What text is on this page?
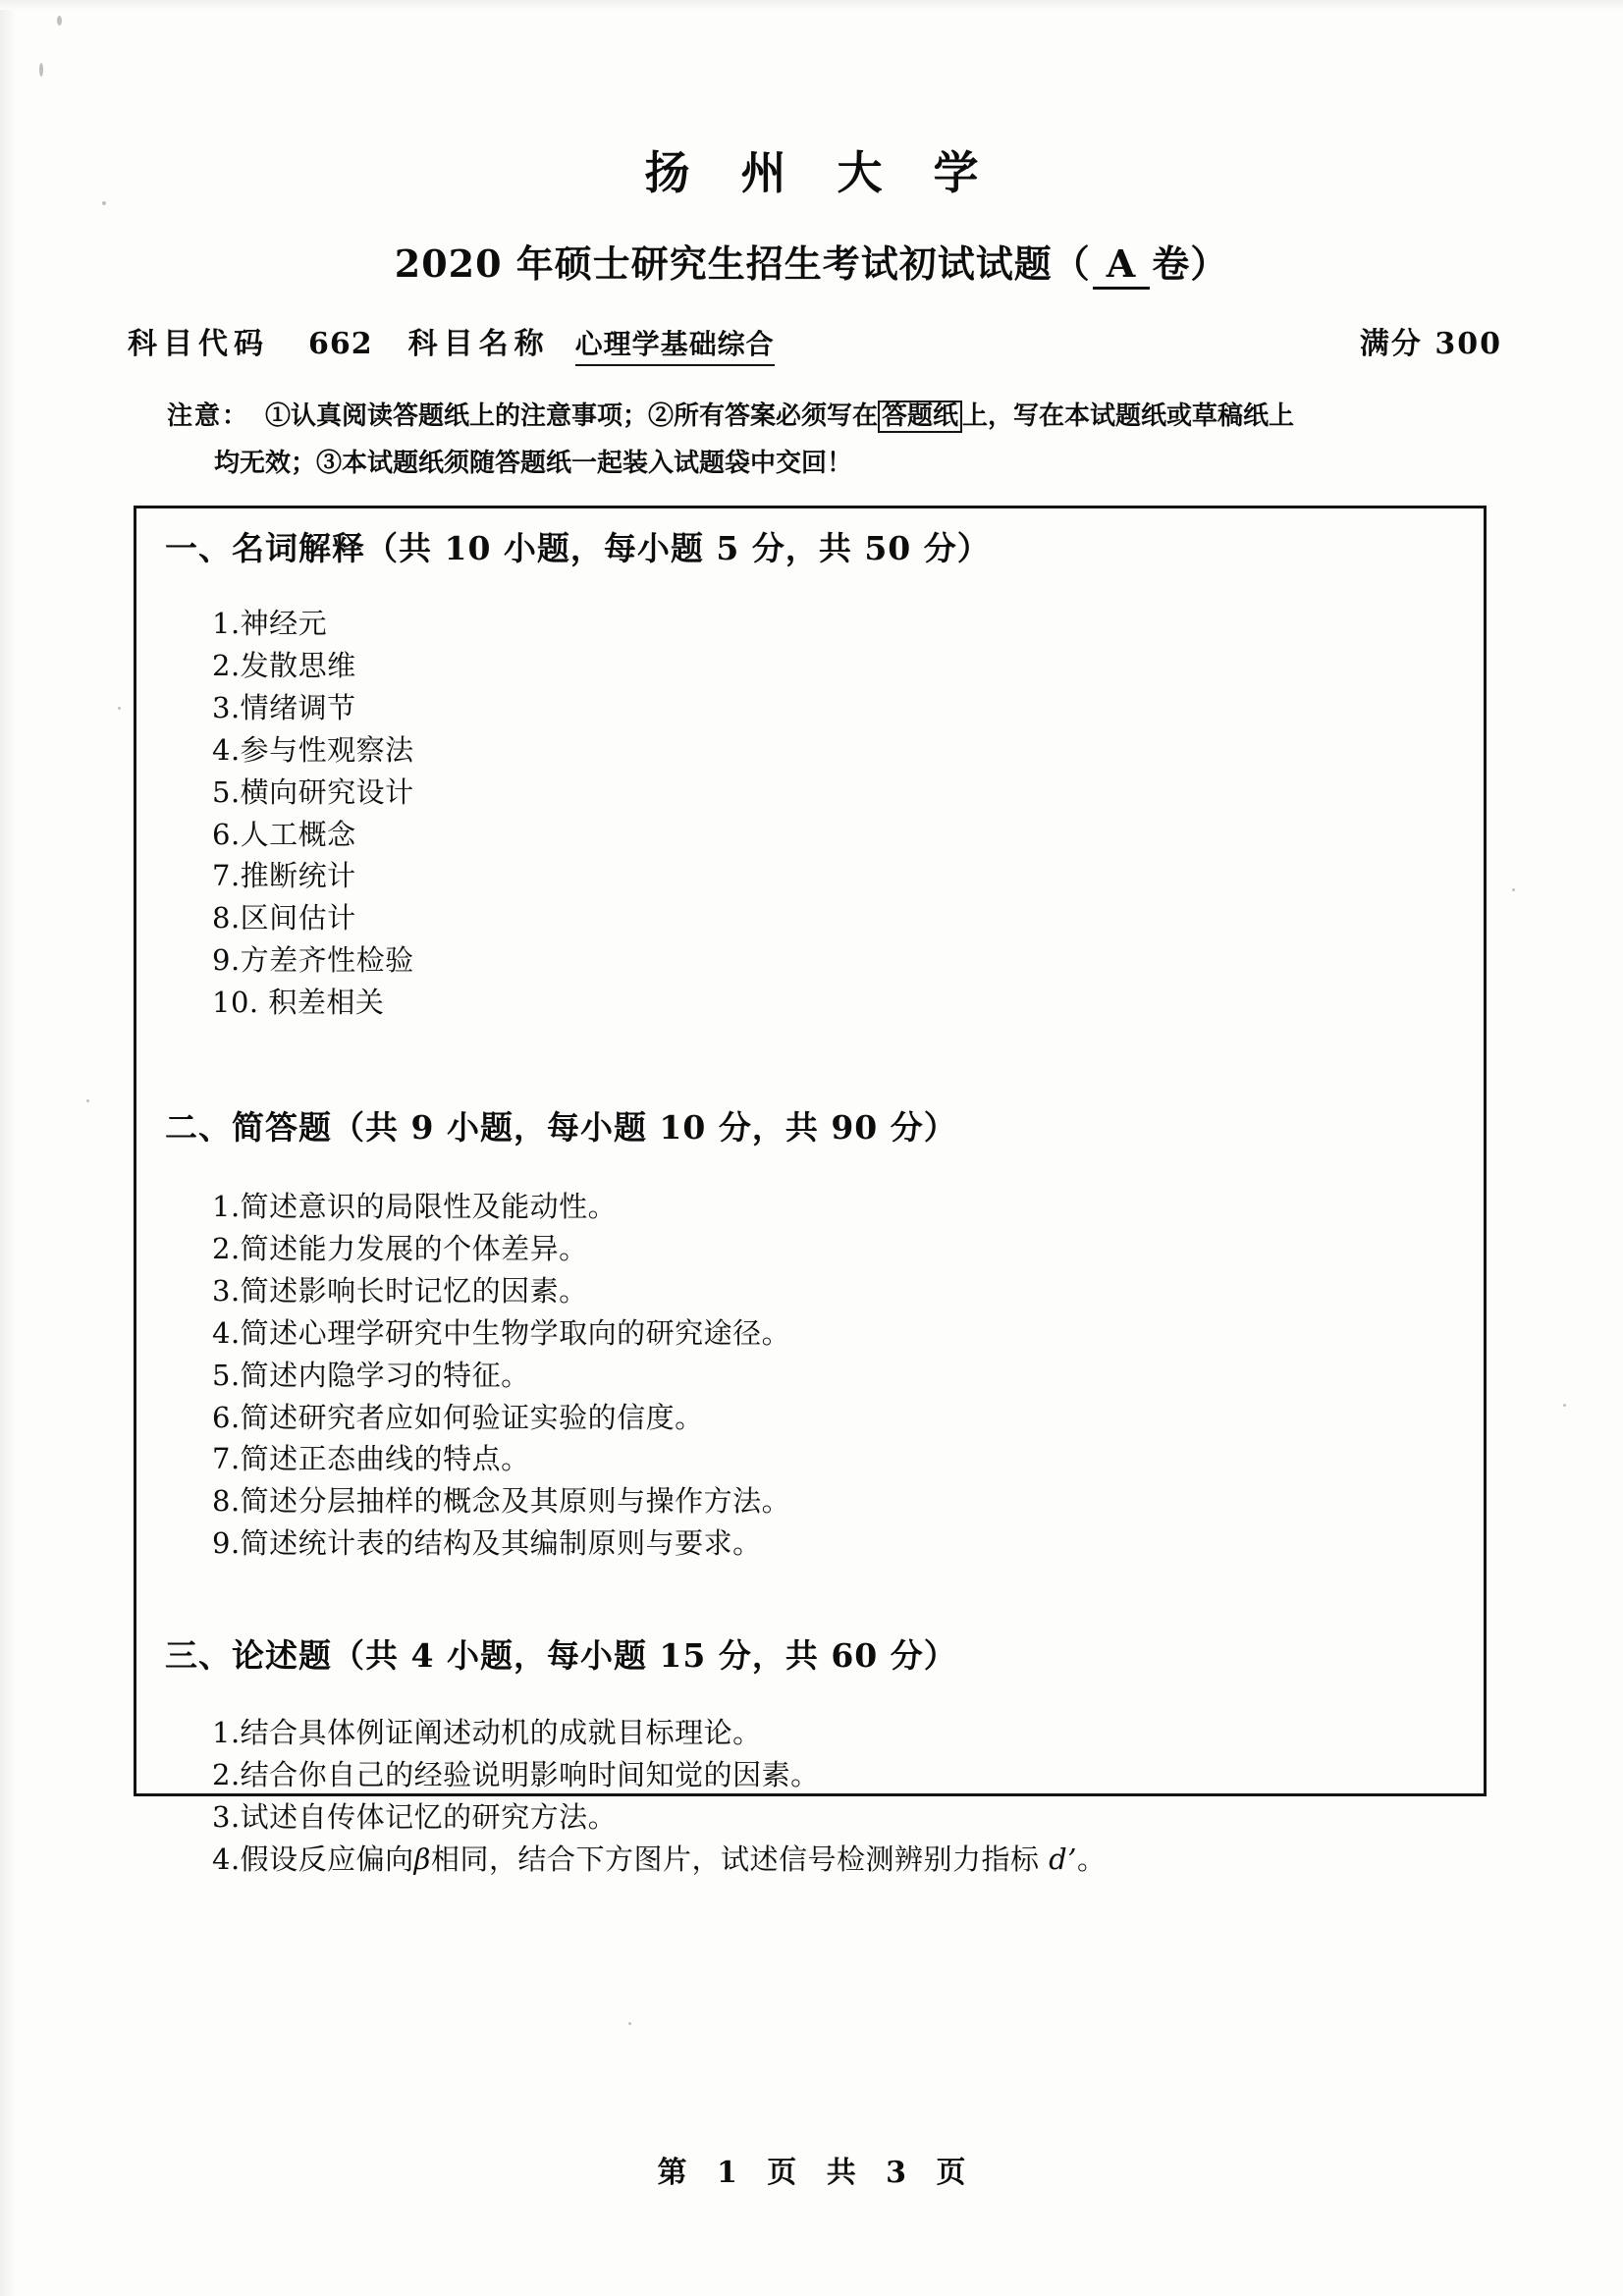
扬 州 大 学
2020 年硕士研究生招生考试初试试题（ A 卷）
科目代码 662 科目名称 心理学基础综合	满分 300
注意： ①认真阅读答题纸上的注意事项；②所有答案必须写在 答题纸 上，写在本试题纸或草稿纸上
均无效；③本试题纸须随答题纸一起装入试题袋中交回！
一、名词解释（共 10 小题，每小题 5 分，共 50 分）
1.神经元
2.发散思维
3.情绪调节
4.参与性观察法
5.横向研究设计
6.人工概念
7.推断统计
8.区间估计
9.方差齐性检验
10. 积差相关
二、简答题（共 9 小题，每小题 10 分，共 90 分）
1.简述意识的局限性及能动性。
2.简述能力发展的个体差异。
3.简述影响长时记忆的因素。
4.简述心理学研究中生物学取向的研究途径。
5.简述内隐学习的特征。
6.简述研究者应如何验证实验的信度。
7.简述正态曲线的特点。
8.简述分层抽样的概念及其原则与操作方法。
9.简述统计表的结构及其编制原则与要求。
三、论述题（共 4 小题，每小题 15 分，共 60 分）
1.结合具体例证阐述动机的成就目标理论。
2.结合你自己的经验说明影响时间知觉的因素。
3.试述自传体记忆的研究方法。
4.假设反应偏向β相同，结合下方图片，试述信号检测辨别力指标 d’。
第 1 页 共 3 页
